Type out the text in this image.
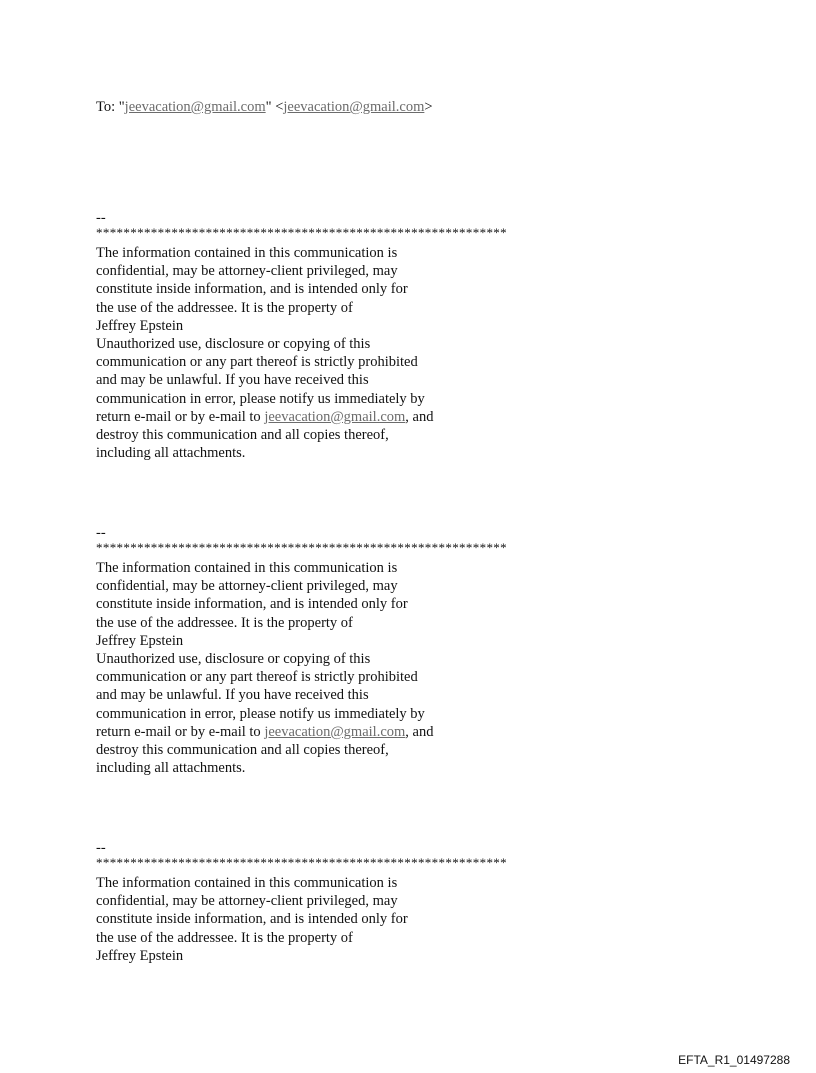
To: "jeevacation@gmail.com" <jeevacation@gmail.com>
--
************************************************************
The information contained in this communication is
confidential, may be attorney-client privileged, may
constitute inside information, and is intended only for
the use of the addressee. It is the property of
Jeffrey Epstein
Unauthorized use, disclosure or copying of this
communication or any part thereof is strictly prohibited
and may be unlawful. If you have received this
communication in error, please notify us immediately by
return e-mail or by e-mail to jeevacation@gmail.com, and
destroy this communication and all copies thereof,
including all attachments.
--
************************************************************
The information contained in this communication is
confidential, may be attorney-client privileged, may
constitute inside information, and is intended only for
the use of the addressee. It is the property of
Jeffrey Epstein
Unauthorized use, disclosure or copying of this
communication or any part thereof is strictly prohibited
and may be unlawful. If you have received this
communication in error, please notify us immediately by
return e-mail or by e-mail to jeevacation@gmail.com, and
destroy this communication and all copies thereof,
including all attachments.
--
************************************************************
The information contained in this communication is
confidential, may be attorney-client privileged, may
constitute inside information, and is intended only for
the use of the addressee. It is the property of
Jeffrey Epstein
EFTA_R1_01497288
